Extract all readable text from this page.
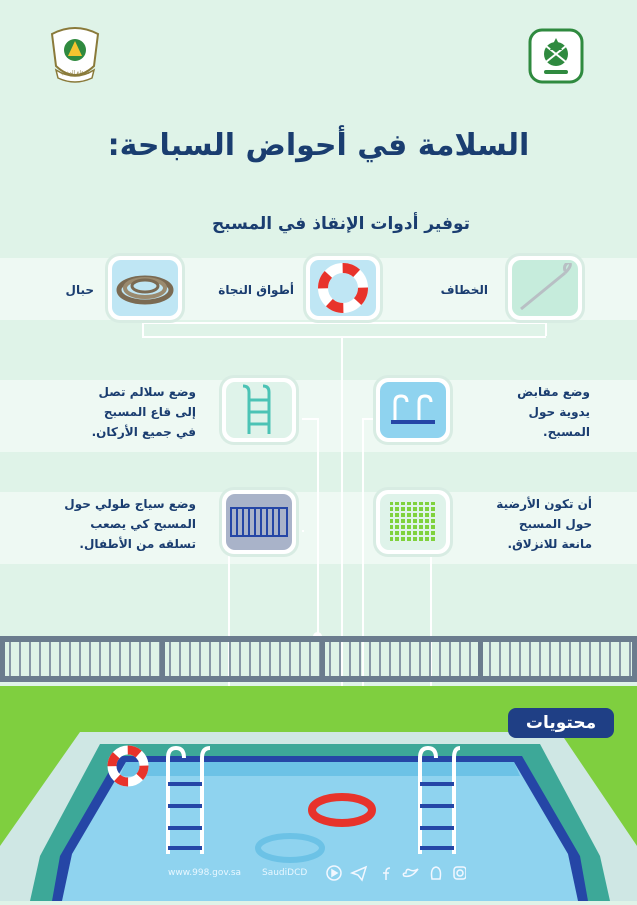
الدفاع المدني
السلامة في أحواض السباحة:
توفير أدوات الإنقاذ في المسبح
الخطاف
أطواق النجاة
حبال
وضع مقابض
يدوية حول
المسبح.
وضع سلالم تصل
إلى قاع المسبح
في جميع الأركان.
أن تكون الأرضية
حول المسبح
مانعة للانزلاق.
وضع سياج طولي حول
المسبح كي يصعب
تسلقه من الأطفال.
محتويات
www.998.gov.sa SaudiDCD
